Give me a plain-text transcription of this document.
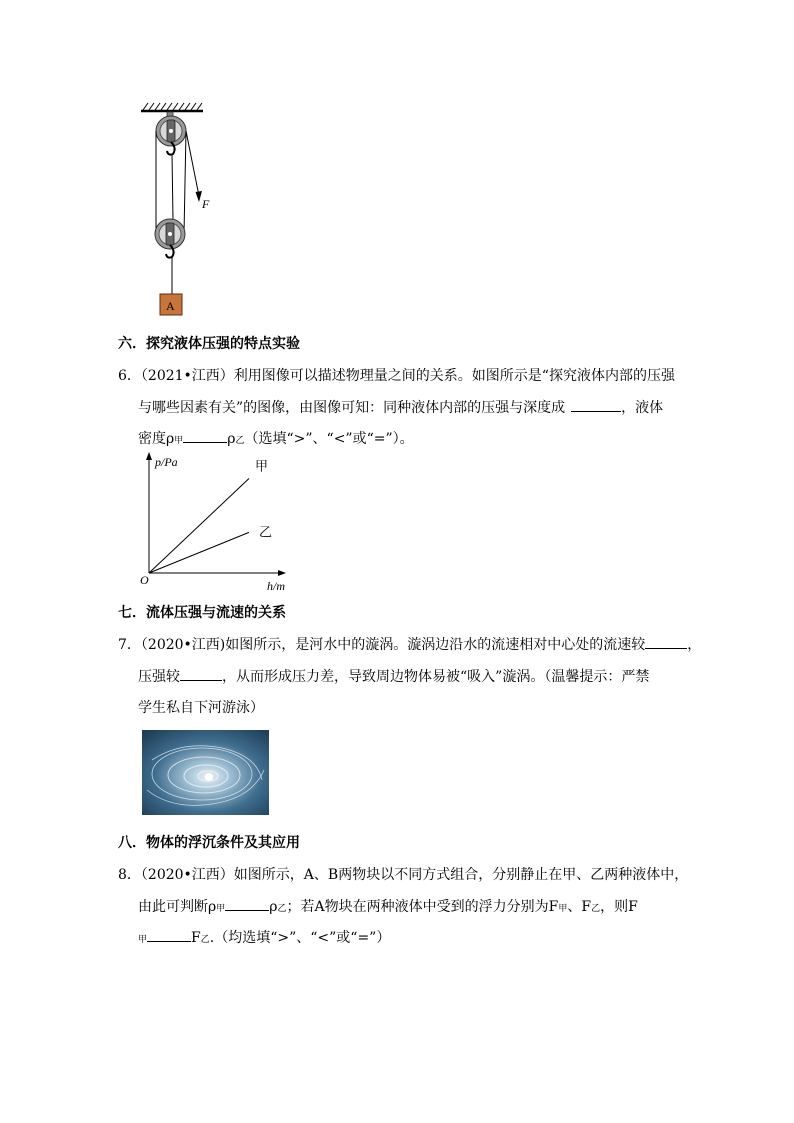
F
A
六．探究液体压强的特点实验
6．（2021•江西）利用图像可以描述物理量之间的关系。如图所示是“探究液体内部的压强
与哪些因素有关”的图像，由图像可知：同种液体内部的压强与深度成	，液体
密度ρ甲	ρ乙（选填“>”、“<”或“=”）。
p/Pa
h/m
O
甲
乙
七．流体压强与流速的关系
7．（2020•江西)如图所示，是河水中的漩涡。漩涡边沿水的流速相对中心处的流速较	，
压强较	，从而形成压力差，导致周边物体易被“吸入”漩涡。（温馨提示：严禁
学生私自下河游泳）
八．物体的浮沉条件及其应用
8．（2020•江西）如图所示，A、B两物块以不同方式组合，分别静止在甲、乙两种液体中，
由此可判断ρ甲	ρ乙；若A物块在两种液体中受到的浮力分别为F甲、F乙，则F
甲	F乙.（均选填“>”、“<”或“=”）
